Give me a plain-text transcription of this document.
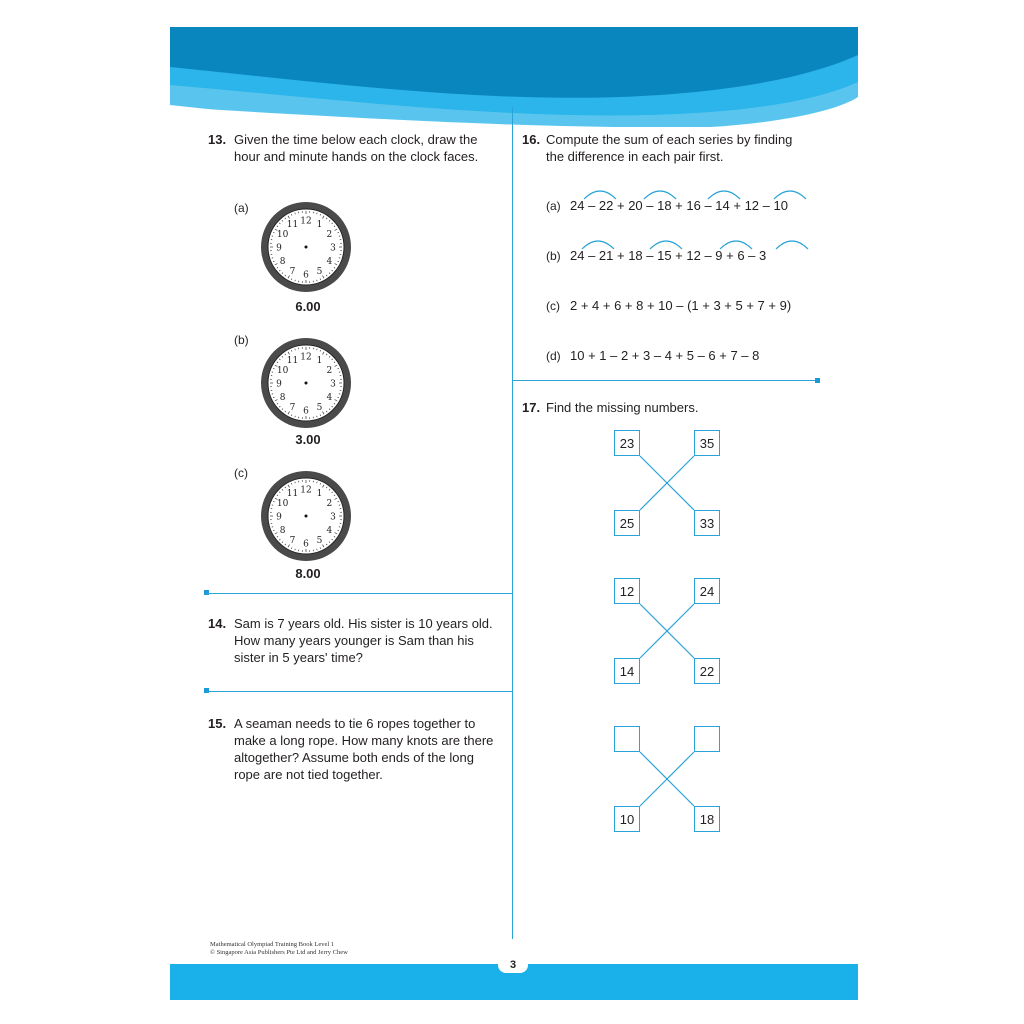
13. Given the time below each clock, draw the hour and minute hands on the clock faces.
(a)
12 1
2
3
4
5
6
7
8
9
10
11
6.00
(b)
12 1
2
3
4
5
6
7
8
9
10
11
3.00
(c)
12 1
2
3
4
5
6
7
8
9
10
11
8.00
14. Sam is 7 years old. His sister is 10 years old. How many years younger is Sam than his sister in 5 years' time?
15. A seaman needs to tie 6 ropes together to make a long rope. How many knots are there altogether? Assume both ends of the long rope are not tied together.
16. Compute the sum of each series by finding the difference in each pair first.
(a) 24 – 22 + 20 – 18 + 16 – 14 + 12 – 10
(b) 24 – 21 + 18 – 15 + 12 – 9 + 6 – 3
(c) 2 + 4 + 6 + 8 + 10 – (1 + 3 + 5 + 7 + 9)
(d) 10 + 1 – 2 + 3 – 4 + 5 – 6 + 7 – 8
17. Find the missing numbers.
23	35
25	33
12	24
14	22
10	18
Mathematical Olympiad Training Book Level 1
© Singapore Asia Publishers Pte Ltd and Jerry Chew
3
